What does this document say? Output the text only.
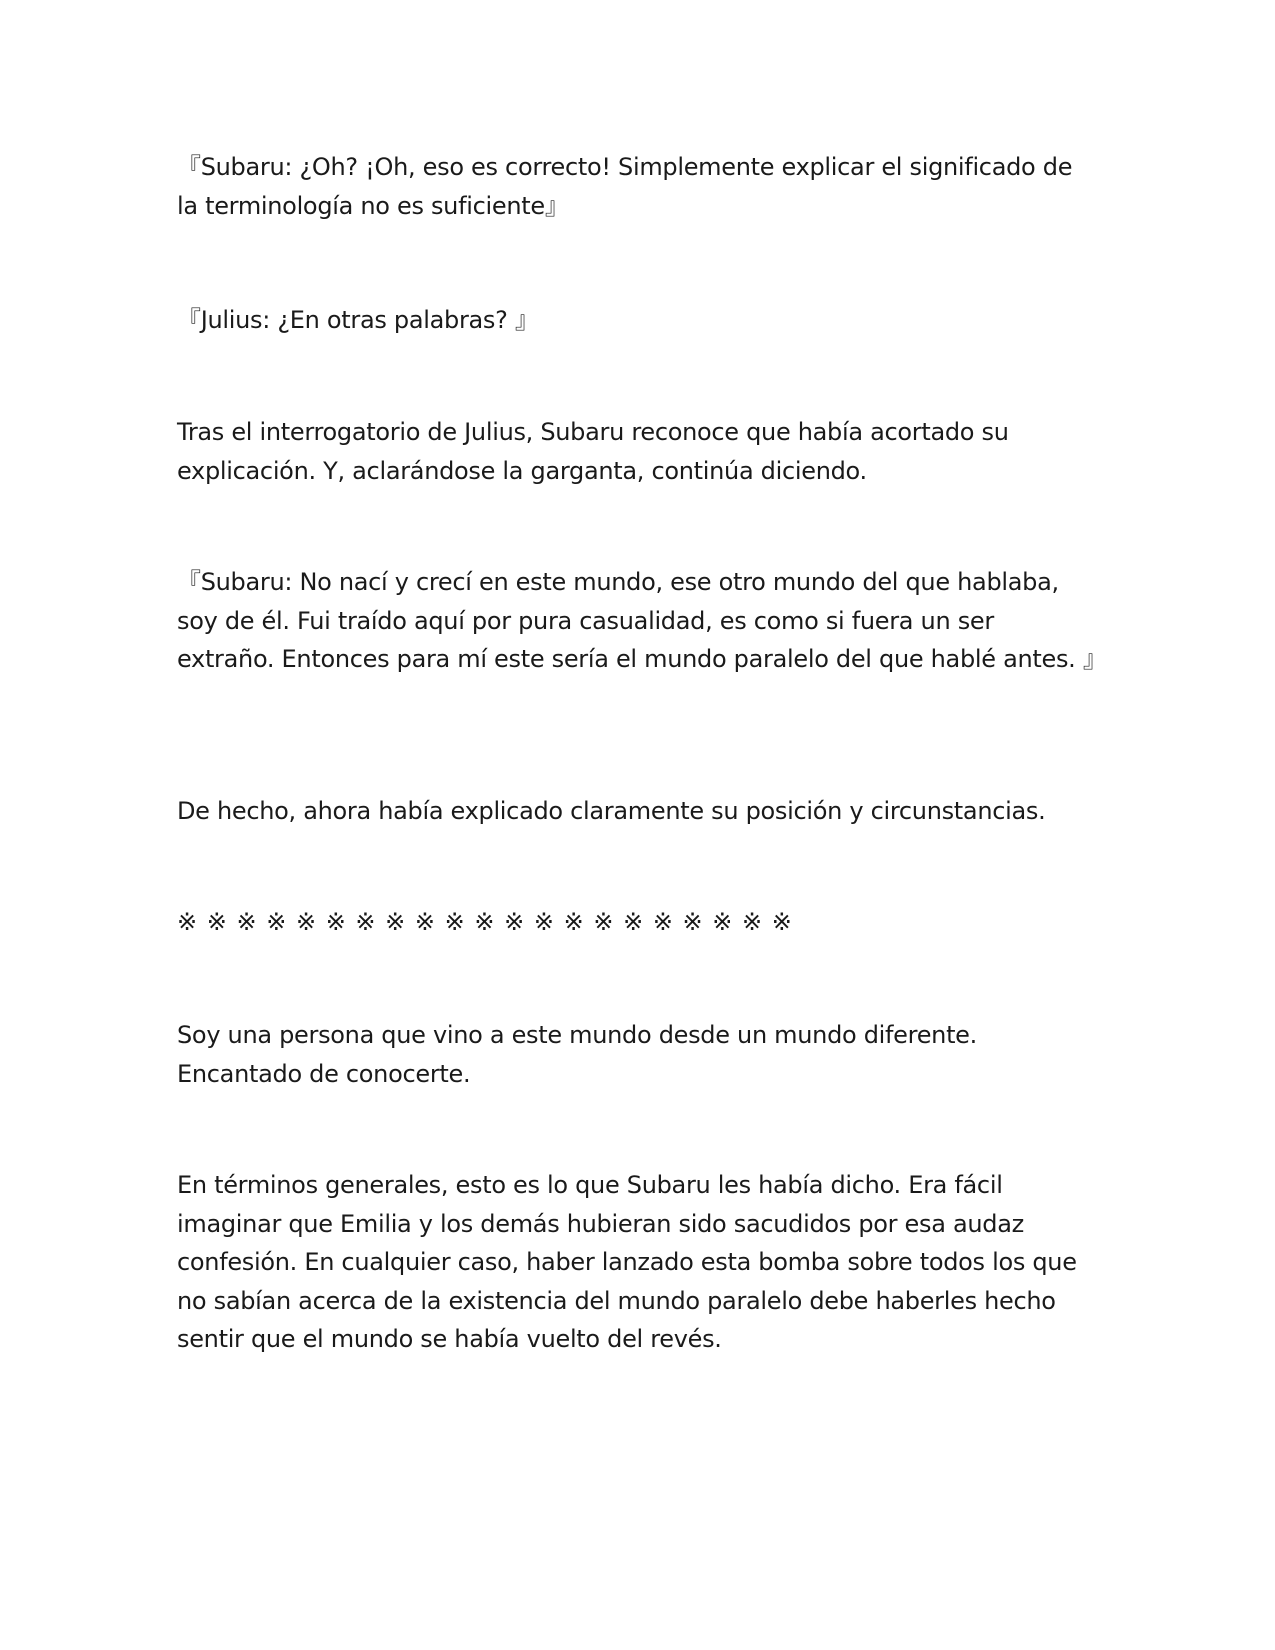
『Subaru: ¿Oh? ¡Oh, eso es correcto! Simplemente explicar el significado de la terminología no es suficiente』

『Julius: ¿En otras palabras? 』

Tras el interrogatorio de Julius, Subaru reconoce que había acortado su explicación. Y, aclarándose la garganta, continúa diciendo.

『Subaru: No nací y crecí en este mundo, ese otro mundo del que hablaba, soy de él. Fui traído aquí por pura casualidad, es como si fuera un ser extraño. Entonces para mí este sería el mundo paralelo del que hablé antes. 』

De hecho, ahora había explicado claramente su posición y circunstancias.

※ ※ ※ ※ ※ ※ ※ ※ ※ ※ ※ ※ ※ ※ ※ ※ ※ ※ ※ ※ ※

Soy una persona que vino a este mundo desde un mundo diferente. Encantado de conocerte.

En términos generales, esto es lo que Subaru les había dicho. Era fácil imaginar que Emilia y los demás hubieran sido sacudidos por esa audaz confesión. En cualquier caso, haber lanzado esta bomba sobre todos los que no sabían acerca de la existencia del mundo paralelo debe haberles hecho sentir que el mundo se había vuelto del revés.
